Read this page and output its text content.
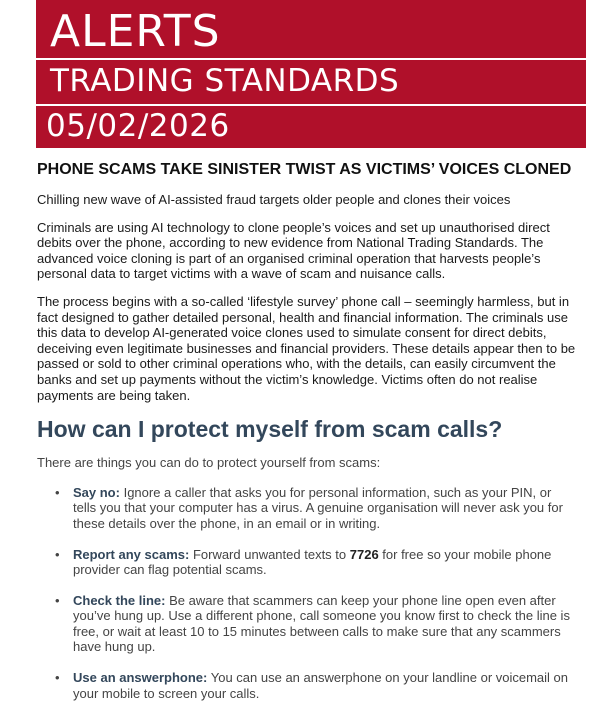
ALERTS
TRADING STANDARDS
05/02/2026
PHONE SCAMS TAKE SINISTER TWIST AS VICTIMS’ VOICES CLONED

Chilling new wave of AI-assisted fraud targets older people and clones their voices

Criminals are using AI technology to clone people’s voices and set up unauthorised direct debits over the phone, according to new evidence from National Trading Standards. The advanced voice cloning is part of an organised criminal operation that harvests people’s personal data to target victims with a wave of scam and nuisance calls.

The process begins with a so-called ‘lifestyle survey’ phone call – seemingly harmless, but in fact designed to gather detailed personal, health and financial information. The criminals use this data to develop AI-generated voice clones used to simulate consent for direct debits, deceiving even legitimate businesses and financial providers. These details appear then to be passed or sold to other criminal operations who, with the details, can easily circumvent the banks and set up payments without the victim’s knowledge. Victims often do not realise payments are being taken.

How can I protect myself from scam calls?

There are things you can do to protect yourself from scams:

• Say no: Ignore a caller that asks you for personal information, such as your PIN, or tells you that your computer has a virus. A genuine organisation will never ask you for these details over the phone, in an email or in writing.
• Report any scams: Forward unwanted texts to 7726 for free so your mobile phone provider can flag potential scams.
• Check the line: Be aware that scammers can keep your phone line open even after you’ve hung up. Use a different phone, call someone you know first to check the line is free, or wait at least 10 to 15 minutes between calls to make sure that any scammers have hung up.
• Use an answerphone: You can use an answerphone on your landline or voicemail on your mobile to screen your calls.
